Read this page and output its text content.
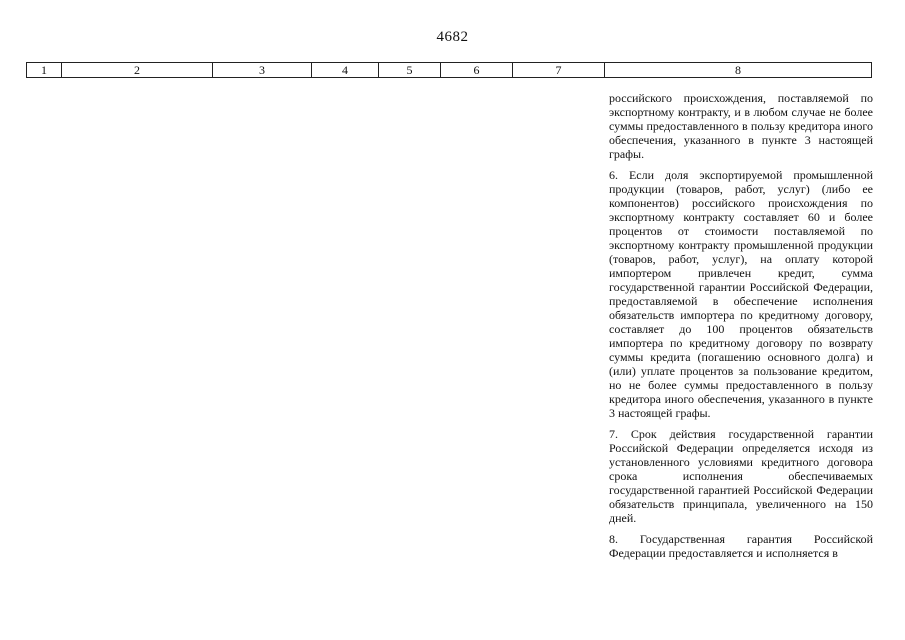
4682
1	2	3	4	5	6	7	8

российского происхождения, поставляемой по экспортному контракту, и в любом случае не более суммы предоставленного в пользу кредитора иного обеспечения, указанного в пункте 3 настоящей графы.

6. Если доля экспортируемой промышленной продукции (товаров, работ, услуг) (либо ее компонентов) российского происхождения по экспортному контракту составляет 60 и более процентов от стоимости поставляемой по экспортному контракту промышленной продукции (товаров, работ, услуг), на оплату которой импортером привлечен кредит, сумма государственной гарантии Российской Федерации, предоставляемой в обеспечение исполнения обязательств импортера по кредитному договору, составляет до 100 процентов обязательств импортера по кредитному договору по возврату суммы кредита (погашению основного долга) и (или) уплате процентов за пользование кредитом, но не более суммы предоставленного в пользу кредитора иного обеспечения, указанного в пункте 3 настоящей графы.

7. Срок действия государственной гарантии Российской Федерации определяется исходя из установленного условиями кредитного договора срока исполнения обеспечиваемых государственной гарантией Российской Федерации обязательств принципала, увеличенного на 150 дней.

8. Государственная гарантия Российской Федерации предоставляется и исполняется в
